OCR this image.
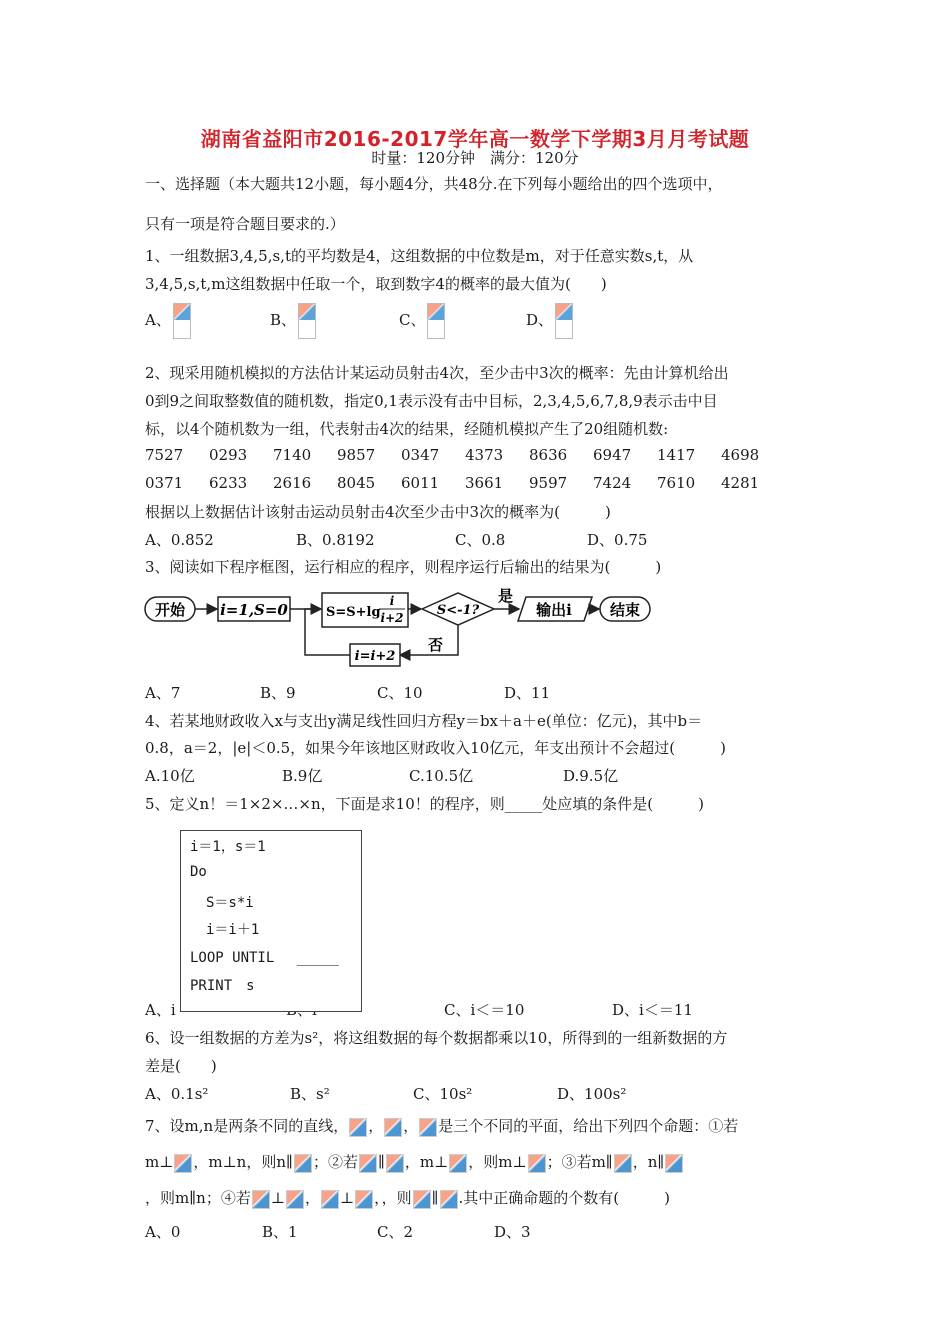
湖南省益阳市2016-2017学年高一数学下学期3月月考试题
时量：120分钟　满分：120分
一、选择题（本大题共12小题，每小题4分，共48分.在下列每小题给出的四个选项中，
只有一项是符合题目要求的.）
1、一组数据3,4,5,s,t的平均数是4，这组数据的中位数是m，对于任意实数s,t，从
3,4,5,s,t,m这组数据中任取一个，取到数字4的概率的最大值为(　　)
A、	B、	C、	D、
2、现采用随机模拟的方法估计某运动员射击4次，至少击中3次的概率：先由计算机给出
0到9之间取整数值的随机数，指定0,1表示没有击中目标，2,3,4,5,6,7,8,9表示击中目
标，以4个随机数为一组，代表射击4次的结果，经随机模拟产生了20组随机数:
7527 0293 7140 9857 0347 4373 8636 6947 1417 4698
0371 6233 2616 8045 6011 3661 9597 7424 7610 4281
根据以上数据估计该射击运动员射击4次至少击中3次的概率为(　　　)
A、0.852	B、0.8192	C、0.8	D、0.75
3、阅读如下程序框图，运行相应的程序，则程序运行后输出的结果为(　　　)
开始 i=1,S=0	S=S+lg
i
i+2	S<-1?
是
输出i	结束
否
i=i+2
A、7	B、9	C、10	D、11
4、若某地财政收入x与支出y满足线性回归方程y＝bx＋a＋e(单位：亿元)，其中b＝
0.8，a＝2，|e|＜0.5，如果今年该地区财政收入10亿元，年支出预计不会超过(　　　)
A.10亿	B.9亿	C.10.5亿	D.9.5亿
5、定义n！＝1×2×…×n，下面是求10！的程序，则_____处应填的条件是(　　　)
A、i
i＝1，s＝1
Do
S＝s*i
i＝i＋1
LOOP UNTIL　 _____
PRINT　s
C、i＜＝10	D、i＜＝11
6、设一组数据的方差为s²，将这组数据的每个数据都乘以10，所得到的一组新数据的方
差是(　　)
A、0.1s²	B、s²	C、10s²	D、100s²
7、设m,n是两条不同的直线， ， ， 是三个不同的平面，给出下列四个命题：①若
m⊥ ，m⊥n，则n∥ ；②若 ∥ ，m⊥ ，则m⊥ ；③若m∥ ，n∥
，则m∥n；④若 ⊥ ， ⊥ ，，则 ∥ .其中正确命题的个数有(　　　)
A、0	B、1	C、2	D、3
